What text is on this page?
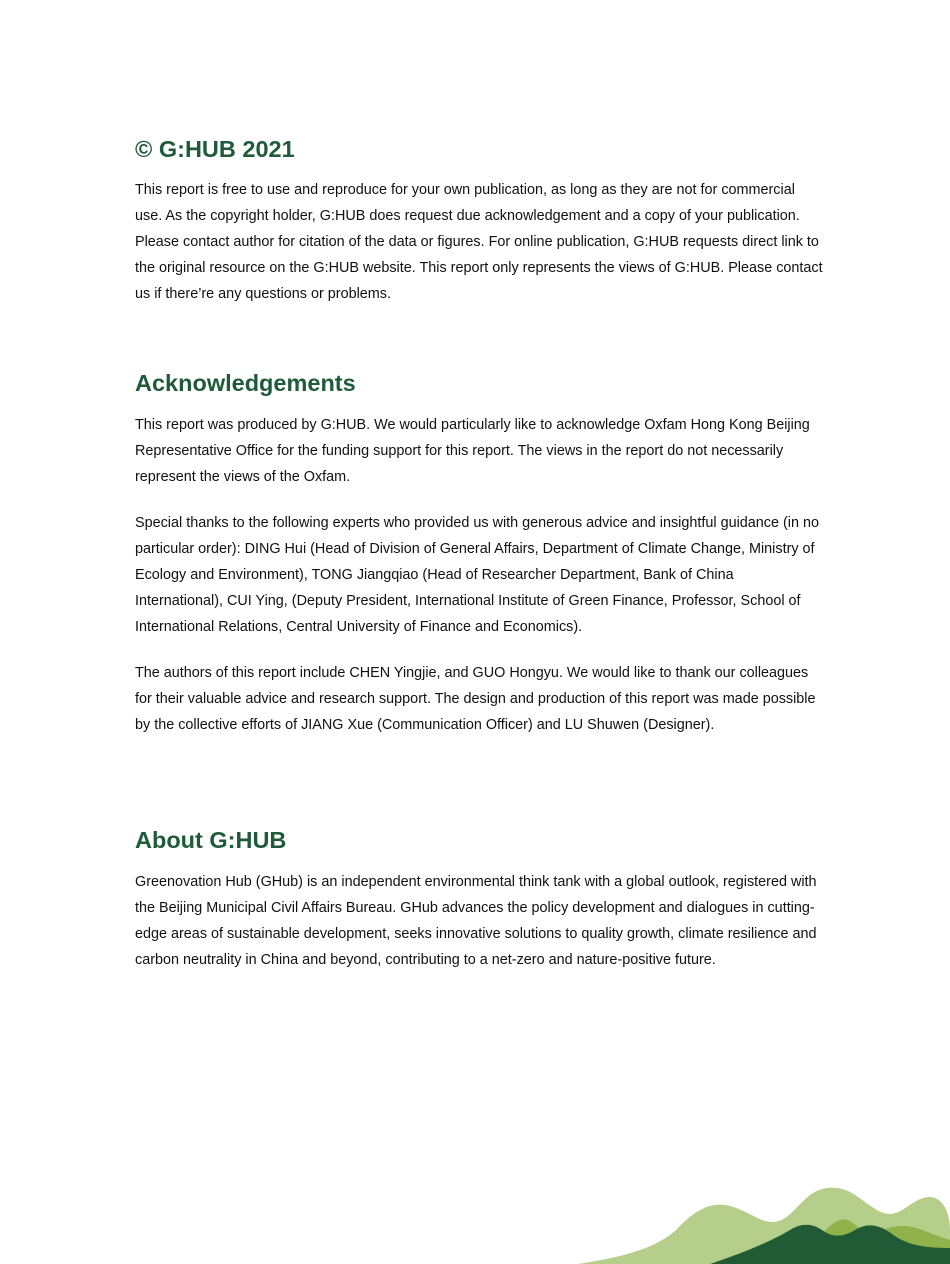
© G:HUB 2021

This report is free to use and reproduce for your own publication, as long as they are not for commercial use. As the copyright holder, G:HUB does request due acknowledgement and a copy of your publication. Please contact author for citation of the data or figures. For online publication, G:HUB requests direct link to the original resource on the G:HUB website. This report only represents the views of G:HUB. Please contact us if there’re any questions or problems.

Acknowledgements

This report was produced by G:HUB. We would particularly like to acknowledge Oxfam Hong Kong Beijing Representative Office for the funding support for this report. The views in the report do not necessarily represent the views of the Oxfam.

Special thanks to the following experts who provided us with generous advice and insightful guidance (in no particular order): DING Hui (Head of Division of General Affairs, Department of Climate Change, Ministry of Ecology and Environment), TONG Jiangqiao (Head of Researcher Department, Bank of China International), CUI Ying, (Deputy President, International Institute of Green Finance, Professor, School of International Relations, Central University of Finance and Economics).

The authors of this report include CHEN Yingjie, and GUO Hongyu. We would like to thank our colleagues for their valuable advice and research support. The design and production of this report was made possible by the collective efforts of JIANG Xue (Communication Officer) and LU Shuwen (Designer).

About G:HUB

Greenovation Hub (GHub) is an independent environmental think tank with a global outlook, registered with the Beijing Municipal Civil Affairs Bureau. GHub advances the policy development and dialogues in cutting-edge areas of sustainable development, seeks innovative solutions to quality growth, climate resilience and carbon neutrality in China and beyond, contributing to a net-zero and nature-positive future.
